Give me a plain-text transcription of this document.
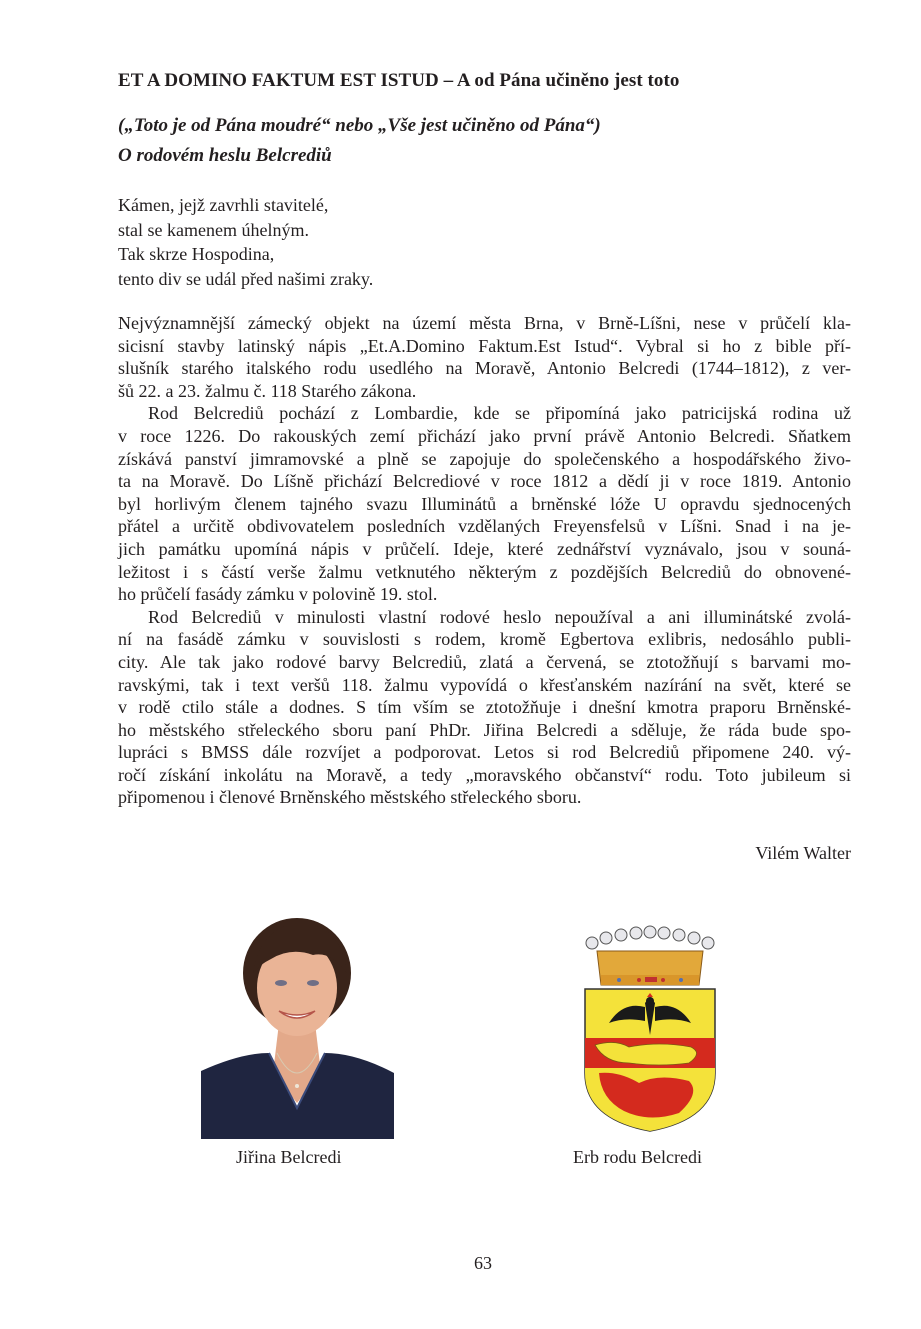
ET A DOMINO FAKTUM EST ISTUD – A od Pána učiněno jest toto
(„Toto je od Pána moudré“ nebo „Vše jest učiněno od Pána“)
O rodovém heslu Belcrediů
Kámen, jejž zavrhli stavitelé,
stal se kamenem úhelným.
Tak skrze Hospodina,
tento div se udál před našimi zraky.
Nejvýznamnější zámecký objekt na území města Brna, v Brně-Líšni, nese v průčelí kla-
sicisní stavby latinský nápis „Et.A.Domino Faktum.Est Istud“. Vybral si ho z bible pří-
slušník starého italského rodu usedlého na Moravě, Antonio Belcredi (1744–1812), z ver-
šů 22. a 23. žalmu č. 118 Starého zákona.
Rod Belcrediů pochází z Lombardie, kde se připomíná jako patricijská rodina už
v roce 1226. Do rakouských zemí přichází jako první právě Antonio Belcredi. Sňatkem
získává panství jimramovské a plně se zapojuje do společenského a hospodářského živo-
ta na Moravě. Do Líšně přichází Belcrediové v roce 1812 a dědí ji v roce 1819. Antonio
byl horlivým členem tajného svazu Illuminátů a brněnské lóže U opravdu sjednocených
přátel a určitě obdivovatelem posledních vzdělaných Freyensfelsů v Líšni. Snad i na je-
jich památku upomíná nápis v průčelí. Ideje, které zednářství vyznávalo, jsou v souná-
ležitost i s částí verše žalmu vetknutého některým z pozdějších Belcrediů do obnovené-
ho průčelí fasády zámku v polovině 19. stol.
Rod Belcrediů v minulosti vlastní rodové heslo nepoužíval a ani illuminátské zvolá-
ní na fasádě zámku v souvislosti s rodem, kromě Egbertova exlibris, nedosáhlo publi-
city. Ale tak jako rodové barvy Belcrediů, zlatá a červená, se ztotožňují s barvami mo-
ravskými, tak i text veršů 118. žalmu vypovídá o křesťanském nazírání na svět, které se
v rodě ctilo stále a dodnes. S tím vším se ztotožňuje i dnešní kmotra praporu Brněnské-
ho městského střeleckého sboru paní PhDr. Jiřina Belcredi a sděluje, že ráda bude spo-
lupráci s BMSS dále rozvíjet a podporovat. Letos si rod Belcrediů připomene 240. vý-
ročí získání inkolátu na Moravě, a tedy „moravského občanství“ rodu. Toto jubileum si
připomenou i členové Brněnského městského střeleckého sboru.
Vilém Walter
Jiřina Belcredi	Erb rodu Belcredi
63
